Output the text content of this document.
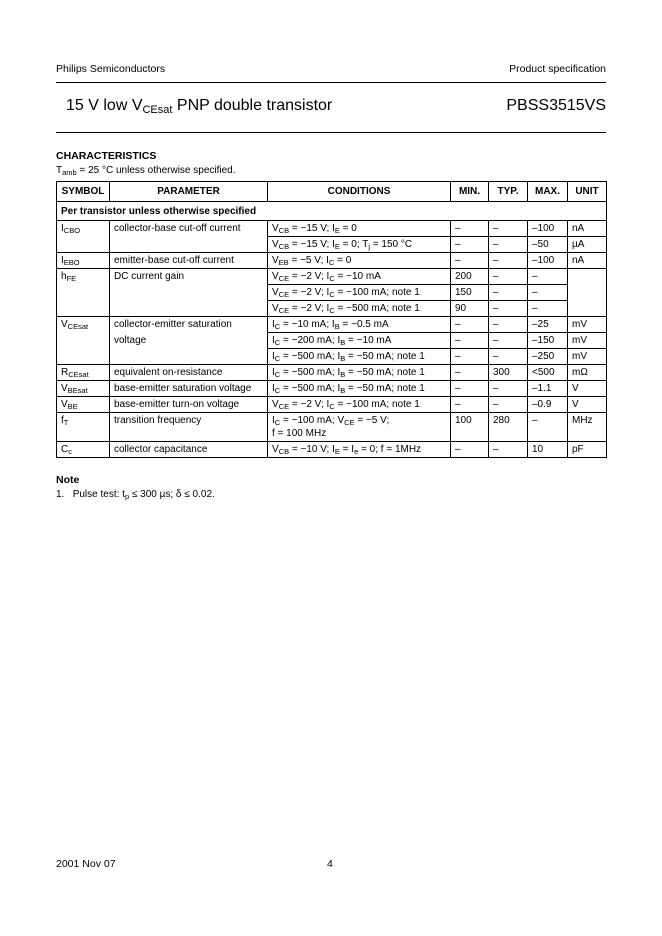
Philips Semiconductors	Product specification
15 V low $V_{CEsat}$ PNP double transistor	PBSS3515VS
CHARACTERISTICS
$T_{amb} = 25$ °C unless otherwise specified.
SYMBOL	PARAMETER	CONDITIONS	MIN.	TYP.	MAX.	UNIT
Per transistor unless otherwise specified						
$I_{CBO}$	collector-base cut-off current	$V_{CB} = -15$ V; $I_E = 0$	–	–	–100	nA
		$V_{CB} = -15$ V; $I_E = 0$; $T_j = 150$ °C	–	–	–50	µA
$I_{EBO}$	emitter-base cut-off current	$V_{EB} = -5$ V; $I_C = 0$	–	–	–100	nA
$h_{FE}$	DC current gain	$V_{CE} = -2$ V; $I_C = -10$ mA	200	–	–	
		$V_{CE} = -2$ V; $I_C = -100$ mA; note 1	150	–	–	
		$V_{CE} = -2$ V; $I_C = -500$ mA; note 1	90	–	–	
$V_{CEsat}$	collector-emitter saturation	$I_C = -10$ mA; $I_B = -0.5$ mA	–	–	–25	mV
	voltage	$I_C = -200$ mA; $I_B = -10$ mA	–	–	–150	mV
		$I_C = -500$ mA; $I_B = -50$ mA; note 1	–	–	–250	mV
$R_{CEsat}$	equivalent on-resistance	$I_C = -500$ mA; $I_B = -50$ mA; note 1	–	300	<500	mΩ
$V_{BEsat}$	base-emitter saturation voltage	$I_C = -500$ mA; $I_B = -50$ mA; note 1	–	–	–1.1	V
$V_{BE}$	base-emitter turn-on voltage	$V_{CE} = -2$ V; $I_C = -100$ mA; note 1	–	–	–0.9	V
$f_T$	transition frequency	$I_C = -100$ mA; $V_{CE} = -5$ V;
f = 100 MHz	100	280	–	MHz
$C_c$	collector capacitance	$V_{CB} = -10$ V; $I_E = I_e = 0$; f = 1MHz	–	–	10	pF
Note
1. Pulse test: $t_p \le 300$ µs; δ ≤ 0.02.
2001 Nov 07	4
